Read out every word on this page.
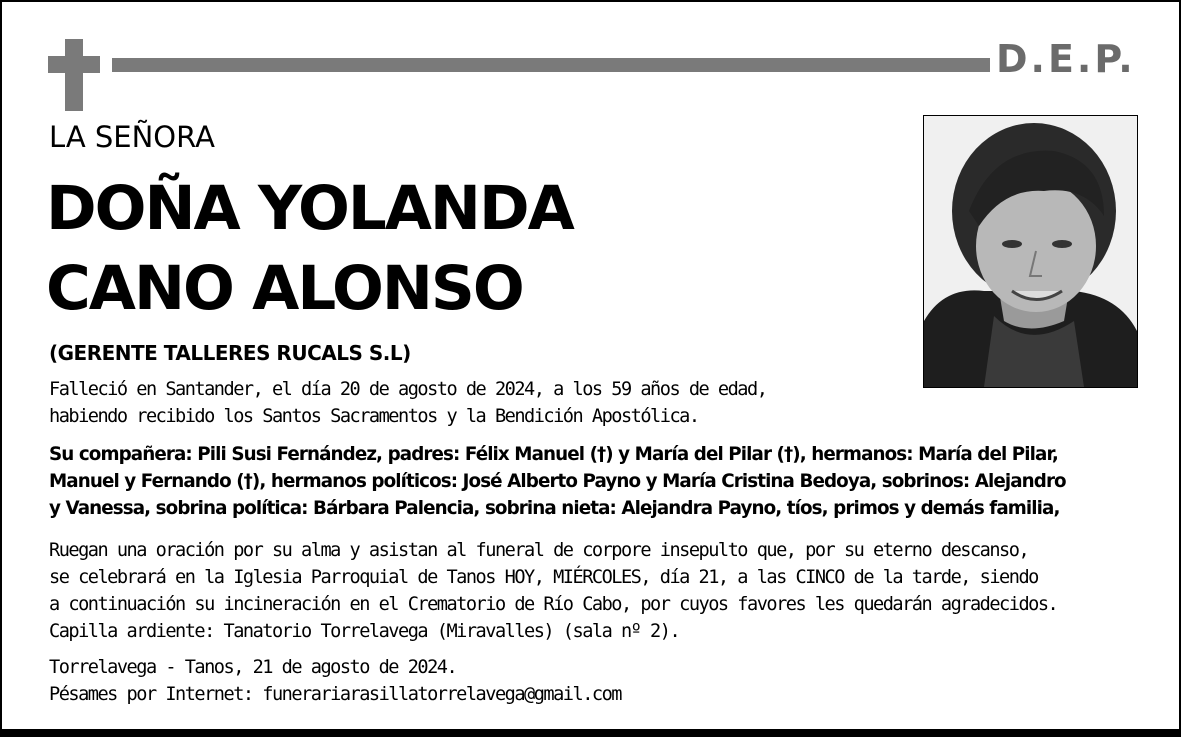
D.E.P.
LA SEÑORA
DOÑA YOLANDA
CANO ALONSO
(GERENTE TALLERES RUCALS S.L)
Falleció en Santander, el día 20 de agosto de 2024, a los 59 años de edad,
habiendo recibido los Santos Sacramentos y la Bendición Apostólica.
Su compañera: Pili Susi Fernández, padres: Félix Manuel (†) y María del Pilar (†), hermanos: María del Pilar,
Manuel y Fernando (†), hermanos políticos: José Alberto Payno y María Cristina Bedoya, sobrinos: Alejandro
y Vanessa, sobrina política: Bárbara Palencia, sobrina nieta: Alejandra Payno, tíos, primos y demás familia,
Ruegan una oración por su alma y asistan al funeral de corpore insepulto que, por su eterno descanso,
se celebrará en la Iglesia Parroquial de Tanos HOY, MIÉRCOLES, día 21, a las CINCO de la tarde, siendo
a continuación su incineración en el Crematorio de Río Cabo, por cuyos favores les quedarán agradecidos.
Capilla ardiente: Tanatorio Torrelavega (Miravalles) (sala nº 2).
Torrelavega - Tanos, 21 de agosto de 2024.
Pésames por Internet: funerariarasillatorrelavega@gmail.com
